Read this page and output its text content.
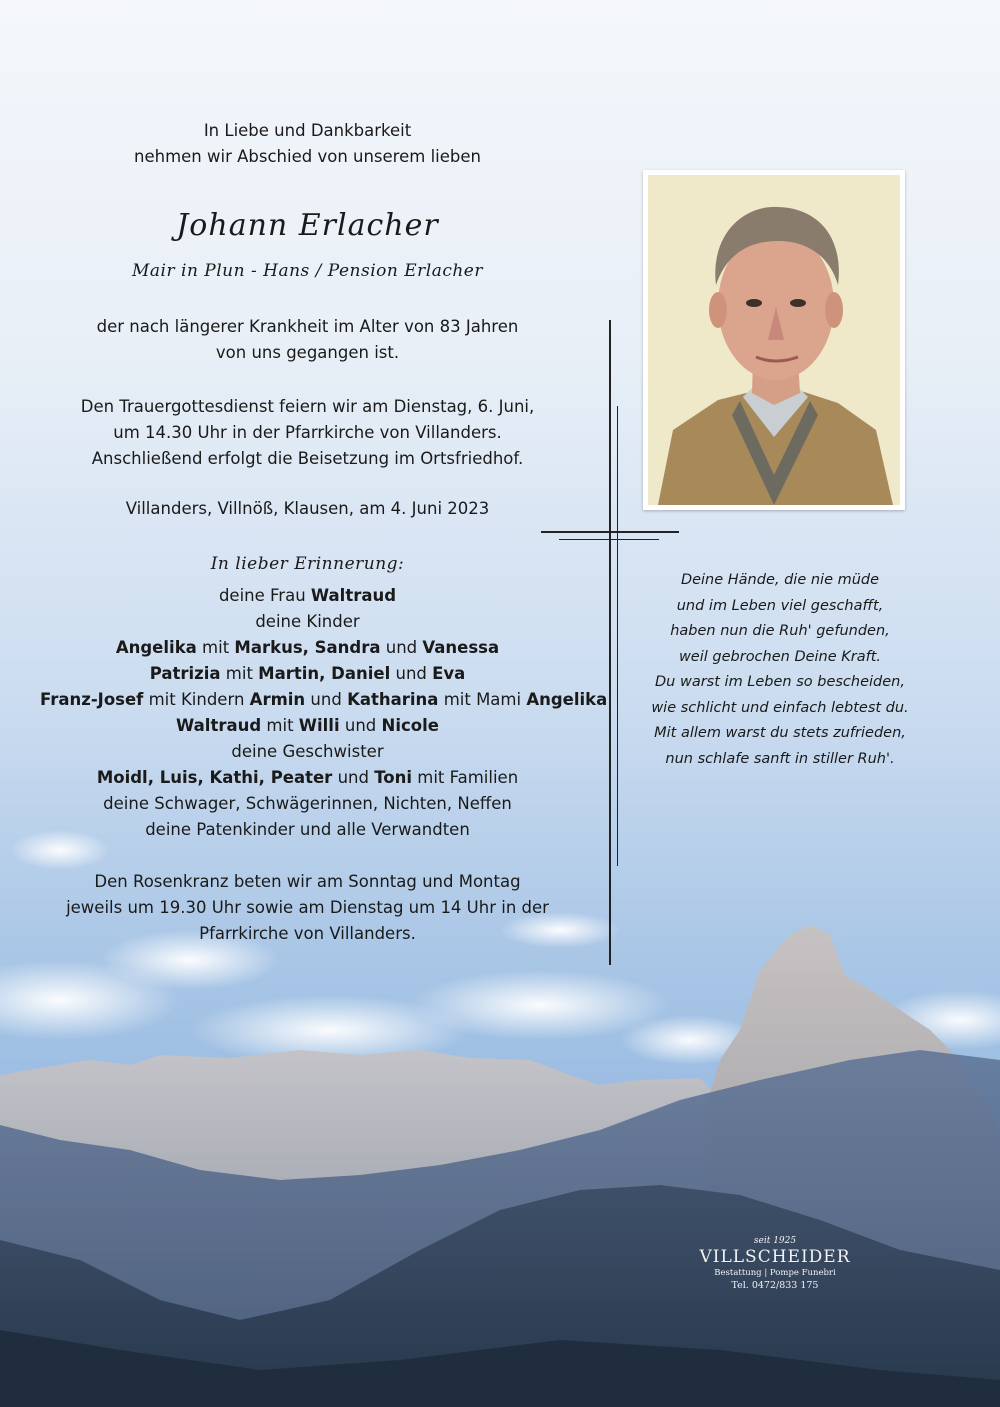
In Liebe und Dankbarkeit
nehmen wir Abschied von unserem lieben
Johann Erlacher
Mair in Plun - Hans / Pension Erlacher
der nach längerer Krankheit im Alter von 83 Jahren
von uns gegangen ist.
Den Trauergottesdienst feiern wir am Dienstag, 6. Juni,
um 14.30 Uhr in der Pfarrkirche von Villanders.
Anschließend erfolgt die Beisetzung im Ortsfriedhof.
Villanders, Villnöß, Klausen, am 4. Juni 2023
In lieber Erinnerung:
deine Frau Waltraud
deine Kinder
Angelika mit Markus, Sandra und Vanessa
Patrizia mit Martin, Daniel und Eva
Franz-Josef mit Kindern Armin und Katharina mit Mami Angelika
Waltraud mit Willi und Nicole
deine Geschwister
Moidl, Luis, Kathi, Peater und Toni mit Familien
deine Schwager, Schwägerinnen, Nichten, Neffen
deine Patenkinder und alle Verwandten
Den Rosenkranz beten wir am Sonntag und Montag
jeweils um 19.30 Uhr sowie am Dienstag um 14 Uhr in der
Pfarrkirche von Villanders.
Deine Hände, die nie müde
und im Leben viel geschafft,
haben nun die Ruh' gefunden,
weil gebrochen Deine Kraft.
Du warst im Leben so bescheiden,
wie schlicht und einfach lebtest du.
Mit allem warst du stets zufrieden,
nun schlafe sanft in stiller Ruh'.
seit 1925
VILLSCHEIDER
Bestattung | Pompe Funebri
Tel. 0472/833 175
